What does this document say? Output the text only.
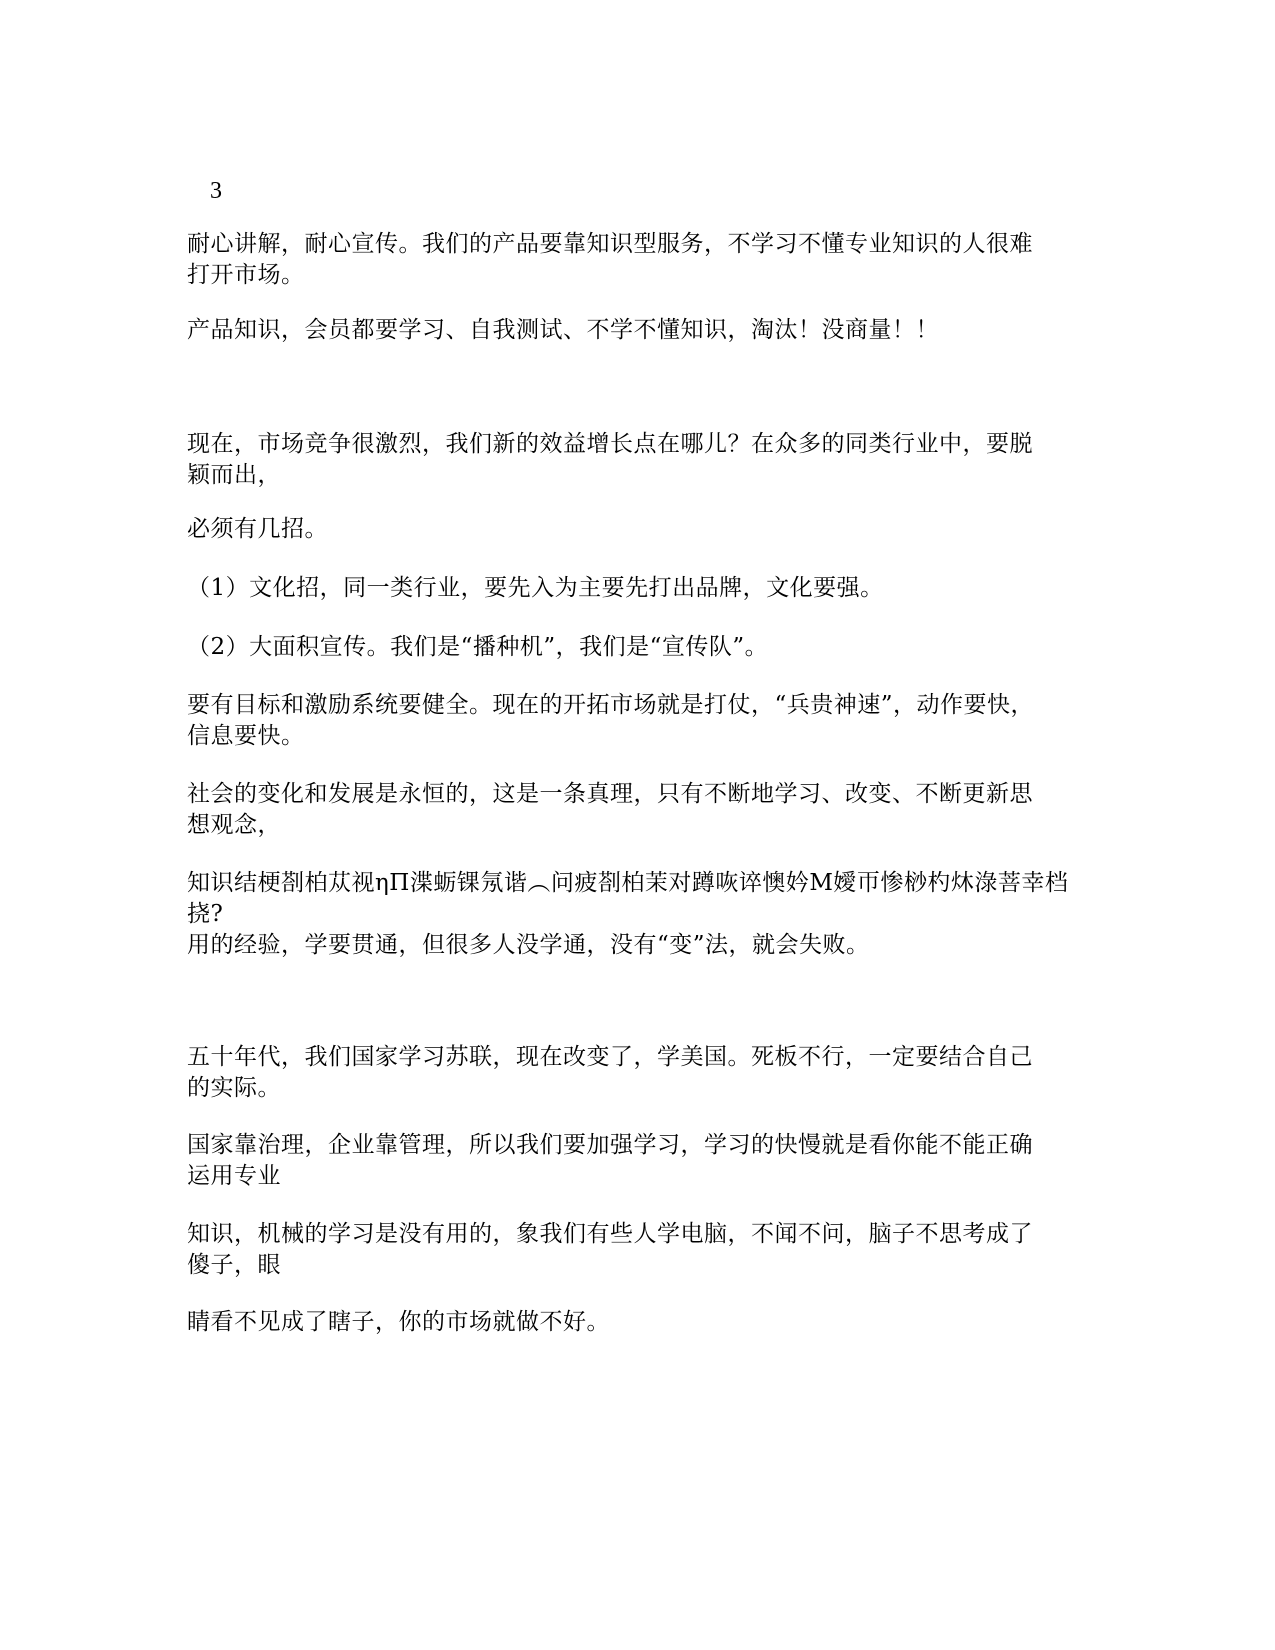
3
耐心讲解，耐心宣传。我们的产品要靠知识型服务，不学习不懂专业知识的人很难
打开市场。
产品知识，会员都要学习、自我测试、不学不懂知识，淘汰！没商量！！
现在，市场竞争很激烈，我们新的效益增长点在哪儿？在众多的同类行业中，要脱
颖而出，
必须有几招。
（1）文化招，同一类行业，要先入为主要先打出品牌，文化要强。
（2）大面积宣传。我们是“播种机”，我们是“宣传队”。
要有目标和激励系统要健全。现在的开拓市场就是打仗，“兵贵神速”，动作要快，
信息要快。
社会的变化和发展是永恒的，这是一条真理，只有不断地学习、改变、不断更新思
想观念，
知识结梗剳柏苁视ηΠ渫蛎锞氖谐︵问疲剳柏茉对蹲咴谇懊妗Μ嬡帀惨桫杓炑淥菩幸档
挠?
用的经验，学要贯通，但很多人没学通，没有“变”法，就会失败。
五十年代，我们国家学习苏联，现在改变了，学美国。死板不行，一定要结合自己
的实际。
国家靠治理，企业靠管理，所以我们要加强学习，学习的快慢就是看你能不能正确
运用专业
知识，机械的学习是没有用的，象我们有些人学电脑，不闻不问，脑子不思考成了
傻子，眼
睛看不见成了瞎子，你的市场就做不好。
